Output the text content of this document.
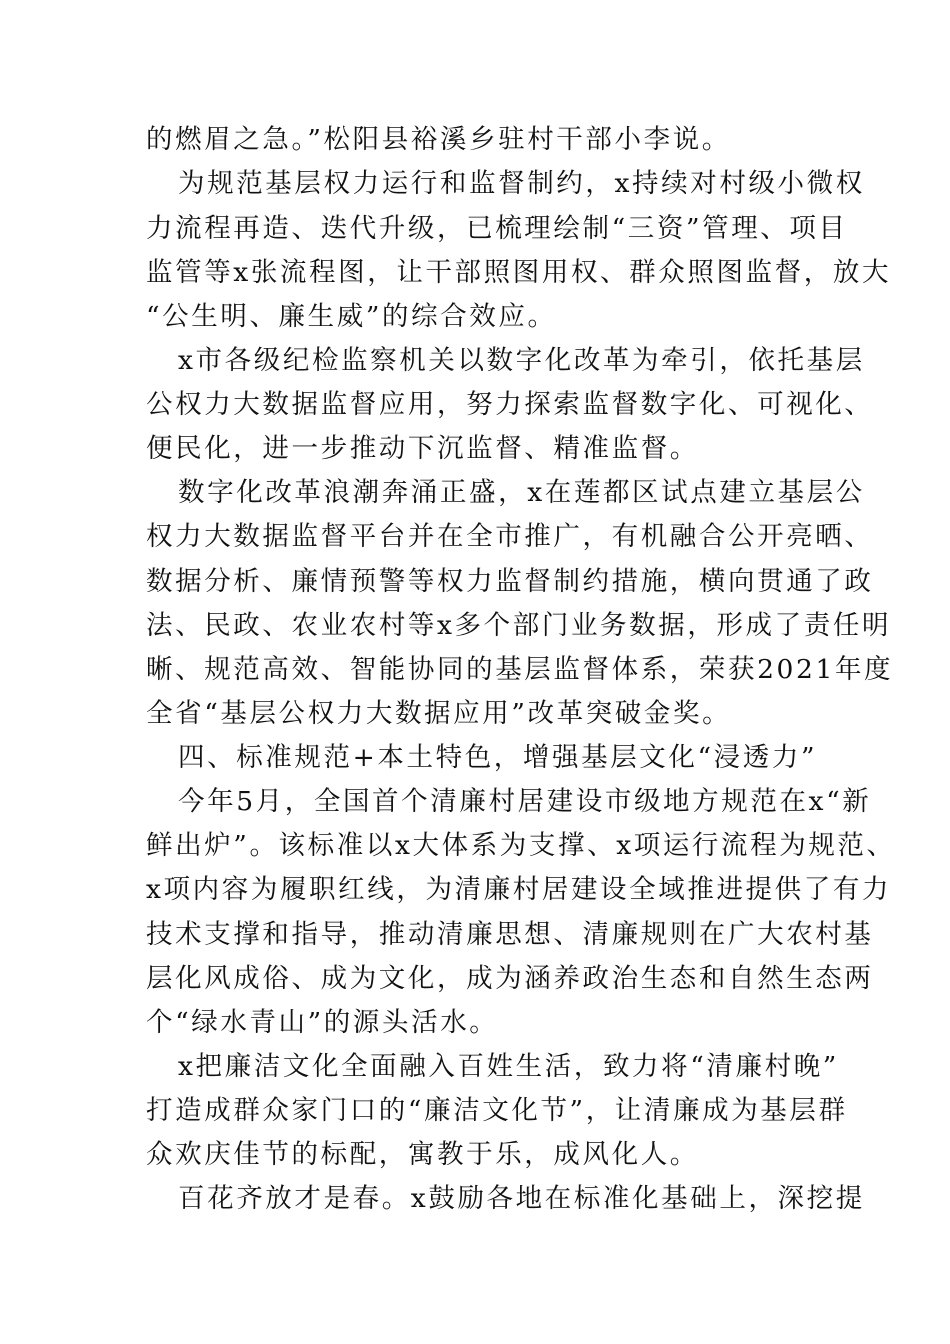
的燃眉之急。”松阳县裕溪乡驻村干部小李说。
为规范基层权力运行和监督制约，x持续对村级小微权
力流程再造、迭代升级，已梳理绘制“三资”管理、项目
监管等x张流程图，让干部照图用权、群众照图监督，放大
“公生明、廉生威”的综合效应。
x市各级纪检监察机关以数字化改革为牵引，依托基层
公权力大数据监督应用，努力探索监督数字化、可视化、
便民化，进一步推动下沉监督、精准监督。
数字化改革浪潮奔涌正盛，x在莲都区试点建立基层公
权力大数据监督平台并在全市推广，有机融合公开亮晒、
数据分析、廉情预警等权力监督制约措施，横向贯通了政
法、民政、农业农村等x多个部门业务数据，形成了责任明
晰、规范高效、智能协同的基层监督体系，荣获2021年度
全省“基层公权力大数据应用”改革突破金奖。
四、标准规范+本土特色，增强基层文化“浸透力”
今年5月，全国首个清廉村居建设市级地方规范在x“新
鲜出炉”。该标准以x大体系为支撑、x项运行流程为规范、
x项内容为履职红线，为清廉村居建设全域推进提供了有力
技术支撑和指导，推动清廉思想、清廉规则在广大农村基
层化风成俗、成为文化，成为涵养政治生态和自然生态两
个“绿水青山”的源头活水。
x把廉洁文化全面融入百姓生活，致力将“清廉村晚”
打造成群众家门口的“廉洁文化节”，让清廉成为基层群
众欢庆佳节的标配，寓教于乐，成风化人。
百花齐放才是春。x鼓励各地在标准化基础上，深挖提
